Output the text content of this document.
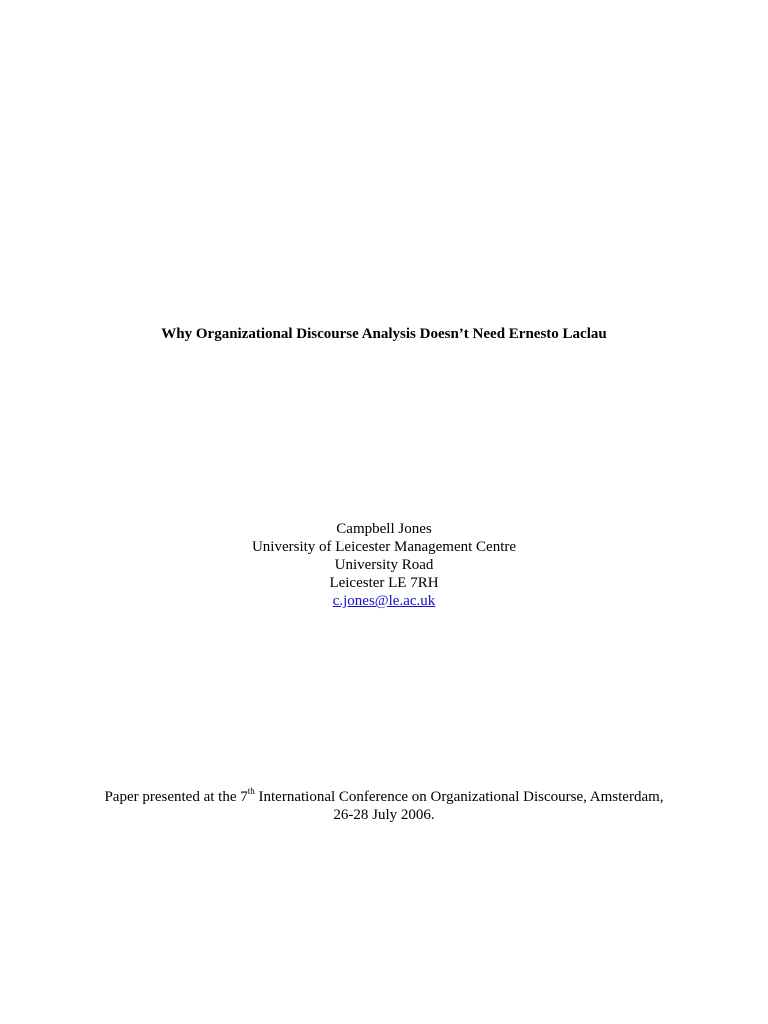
Why Organizational Discourse Analysis Doesn’t Need Ernesto Laclau
Campbell Jones
University of Leicester Management Centre
University Road
Leicester LE 7RH
c.jones@le.ac.uk
Paper presented at the 7th International Conference on Organizational Discourse, Amsterdam,
26-28 July 2006.
